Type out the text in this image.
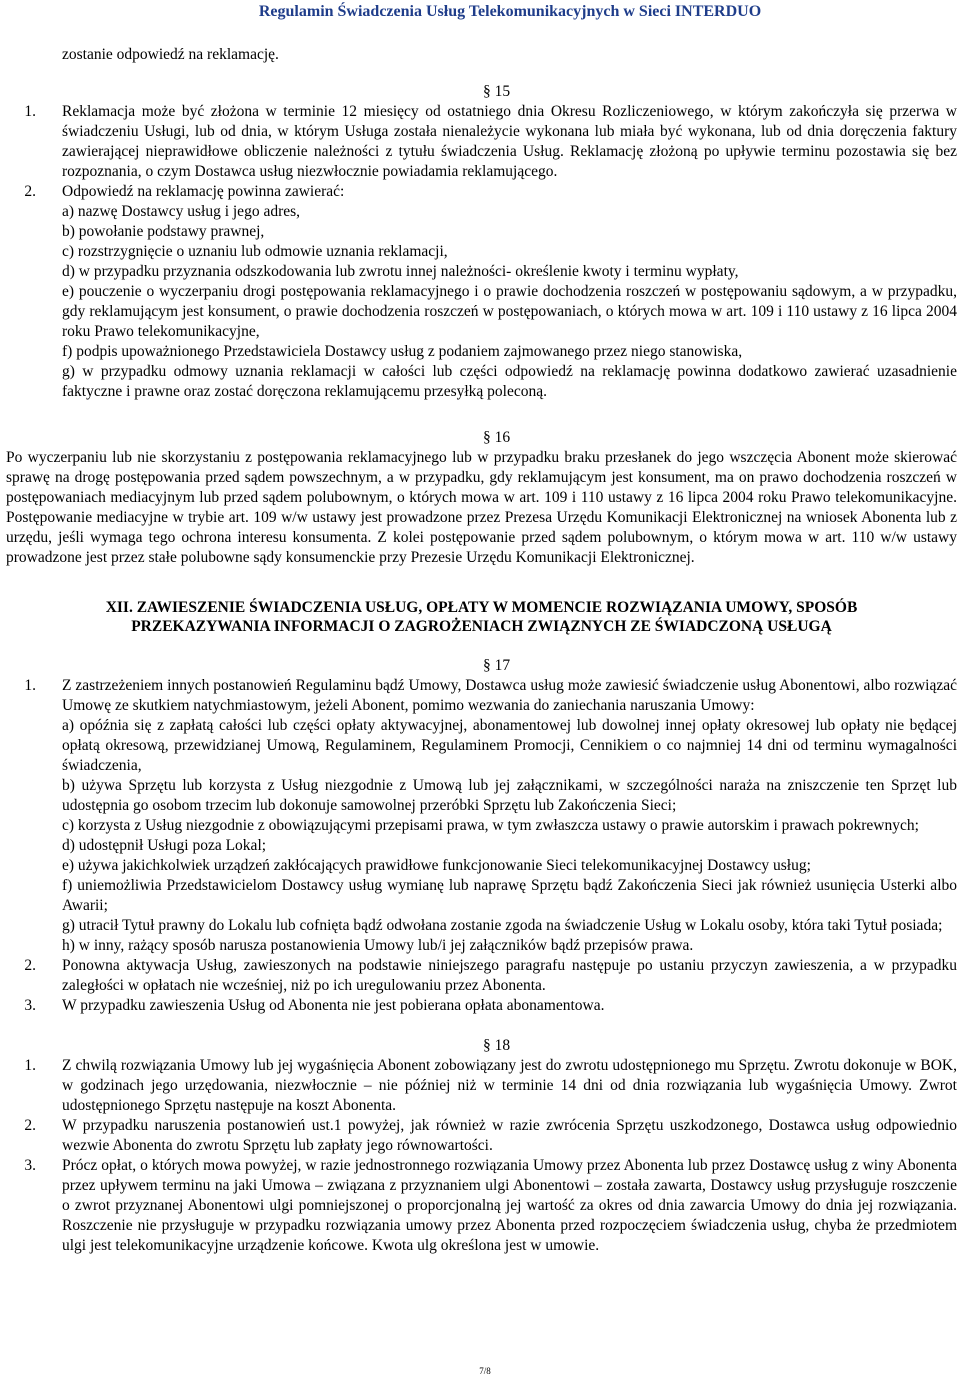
Regulamin Świadczenia Usług Telekomunikacyjnych w Sieci INTERDUO
zostanie odpowiedź na reklamację.
§ 15
1.	Reklamacja może być złożona w terminie 12 miesięcy od ostatniego dnia Okresu Rozliczeniowego, w którym zakończyła się przerwa w świadczeniu Usługi, lub od dnia, w którym Usługa została nienależycie wykonana lub miała być wykonana, lub od dnia doręczenia faktury zawierającej nieprawidłowe obliczenie należności z tytułu świadczenia Usług. Reklamację złożoną po upływie terminu pozostawia się bez rozpoznania, o czym Dostawca usług niezwłocznie powiadamia reklamującego.
2.	Odpowiedź na reklamację powinna zawierać:
a) nazwę Dostawcy usług i jego adres,
b) powołanie podstawy prawnej,
c) rozstrzygnięcie o uznaniu lub odmowie uznania reklamacji,
d) w przypadku przyznania odszkodowania lub zwrotu innej należności- określenie kwoty i terminu wypłaty,
e) pouczenie o wyczerpaniu drogi postępowania reklamacyjnego i o prawie dochodzenia roszczeń w postępowaniu sądowym, a w przypadku, gdy reklamującym jest konsument, o prawie dochodzenia roszczeń w postępowaniach, o których mowa w art. 109 i 110 ustawy z 16 lipca 2004 roku Prawo telekomunikacyjne,
f) podpis upoważnionego Przedstawiciela Dostawcy usług z podaniem zajmowanego przez niego stanowiska,
g) w przypadku odmowy uznania reklamacji w całości lub części odpowiedź na reklamację powinna dodatkowo zawierać uzasadnienie faktyczne i prawne oraz zostać doręczona reklamującemu przesyłką poleconą.
§ 16
Po wyczerpaniu lub nie skorzystaniu z postępowania reklamacyjnego lub w przypadku braku przesłanek do jego wszczęcia Abonent może skierować sprawę na drogę postępowania przed sądem powszechnym, a w przypadku, gdy reklamującym jest konsument, ma on prawo dochodzenia roszczeń w postępowaniach mediacyjnym lub przed sądem polubownym, o których mowa w art. 109 i 110 ustawy z 16 lipca 2004 roku Prawo telekomunikacyjne. Postępowanie mediacyjne w trybie art. 109 w/w ustawy jest prowadzone przez Prezesa Urzędu Komunikacji Elektronicznej na wniosek Abonenta lub z urzędu, jeśli wymaga tego ochrona interesu konsumenta. Z kolei postępowanie przed sądem polubownym, o którym mowa w art. 110 w/w ustawy prowadzone jest przez stałe polubowne sądy konsumenckie przy Prezesie Urzędu Komunikacji Elektronicznej.
XII. ZAWIESZENIE ŚWIADCZENIA USŁUG, OPŁATY W MOMENCIE ROZWIĄZANIA UMOWY, SPOSÓB
PRZEKAZYWANIA INFORMACJI O ZAGROŻENIACH ZWIĄZNYCH ZE ŚWIADCZONĄ USŁUGĄ
§ 17
1.	Z zastrzeżeniem innych postanowień Regulaminu bądź Umowy, Dostawca usług może zawiesić świadczenie usług Abonentowi, albo rozwiązać Umowę ze skutkiem natychmiastowym, jeżeli Abonent, pomimo wezwania do zaniechania naruszania Umowy:
a) opóźnia się z zapłatą całości lub części opłaty aktywacyjnej, abonamentowej lub dowolnej innej opłaty okresowej lub opłaty nie będącej opłatą okresową, przewidzianej Umową, Regulaminem, Regulaminem Promocji, Cennikiem o co najmniej 14 dni od terminu wymagalności świadczenia,
b) używa Sprzętu lub korzysta z Usług niezgodnie z Umową lub jej załącznikami, w szczególności naraża na zniszczenie ten Sprzęt lub udostępnia go osobom trzecim lub dokonuje samowolnej przeróbki Sprzętu lub Zakończenia Sieci;
c) korzysta z Usług niezgodnie z obowiązującymi przepisami prawa, w tym zwłaszcza ustawy o prawie autorskim i prawach pokrewnych;
d) udostępnił Usługi poza Lokal;
e) używa jakichkolwiek urządzeń zakłócających prawidłowe funkcjonowanie Sieci telekomunikacyjnej Dostawcy usług;
f) uniemożliwia Przedstawicielom Dostawcy usług wymianę lub naprawę Sprzętu bądź Zakończenia Sieci jak również usunięcia Usterki albo Awarii;
g) utracił Tytuł prawny do Lokalu lub cofnięta bądź odwołana zostanie zgoda na świadczenie Usług w Lokalu osoby, która taki Tytuł posiada;
h) w inny, rażący sposób narusza postanowienia Umowy lub/i jej załączników bądź przepisów prawa.
2.	Ponowna aktywacja Usług, zawieszonych na podstawie niniejszego paragrafu następuje po ustaniu przyczyn zawieszenia, a w przypadku zaległości w opłatach nie wcześniej, niż po ich uregulowaniu przez Abonenta.
3.	W przypadku zawieszenia Usług od Abonenta nie jest pobierana opłata abonamentowa.
§ 18
1.	Z chwilą rozwiązania Umowy lub jej wygaśnięcia Abonent zobowiązany jest do zwrotu udostępnionego mu Sprzętu. Zwrotu dokonuje w BOK, w godzinach jego urzędowania, niezwłocznie – nie później niż w terminie 14 dni od dnia rozwiązania lub wygaśnięcia Umowy. Zwrot udostępnionego Sprzętu następuje na koszt Abonenta.
2.	W przypadku naruszenia postanowień ust.1 powyżej, jak również w razie zwrócenia Sprzętu uszkodzonego, Dostawca usług odpowiednio wezwie Abonenta do zwrotu Sprzętu lub zapłaty jego równowartości.
3.	Prócz opłat, o których mowa powyżej, w razie jednostronnego rozwiązania Umowy przez Abonenta lub przez Dostawcę usług z winy Abonenta przez upływem terminu na jaki Umowa – związana z przyznaniem ulgi Abonentowi – została zawarta, Dostawcy usług przysługuje roszczenie o zwrot przyznanej Abonentowi ulgi pomniejszonej o proporcjonalną jej wartość za okres od dnia zawarcia Umowy do dnia jej rozwiązania. Roszczenie nie przysługuje w przypadku rozwiązania umowy przez Abonenta przed rozpoczęciem świadczenia usług, chyba że przedmiotem ulgi jest telekomunikacyjne urządzenie końcowe. Kwota ulg określona jest w umowie.
7/8
